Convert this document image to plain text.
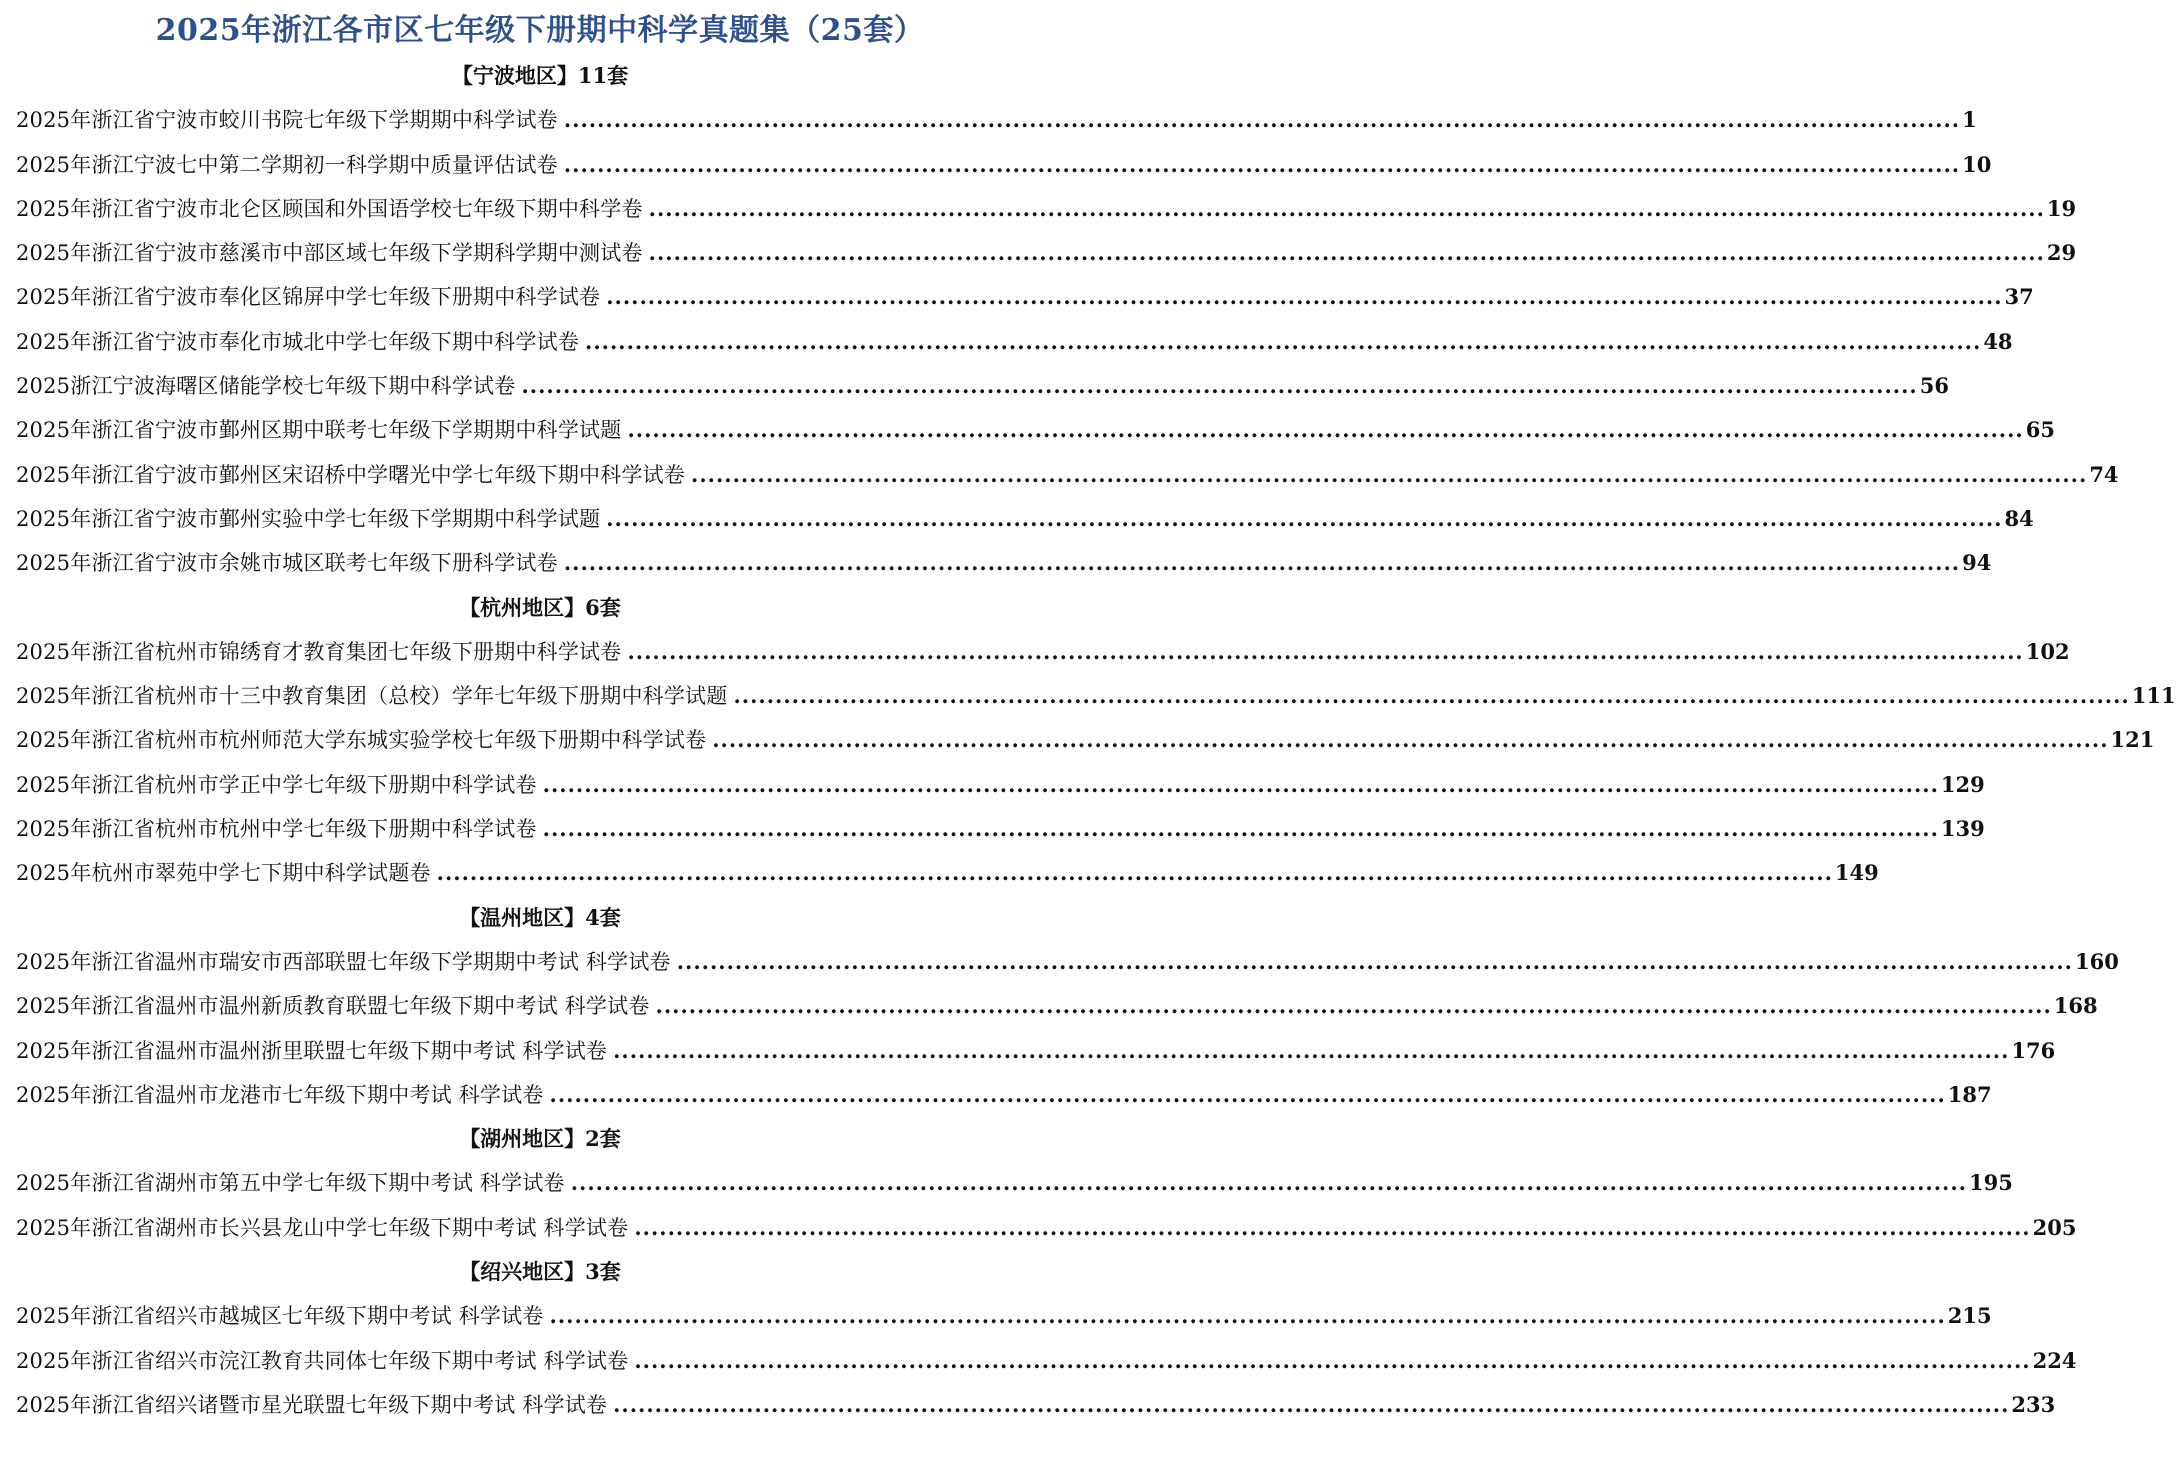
2025年浙江各市区七年级下册期中科学真题集（25套）
【宁波地区】11套
2025年浙江省宁波市蛟川书院七年级下学期期中科学试卷 ........................................................................................................................................................................ 1
2025年浙江宁波七中第二学期初一科学期中质量评估试卷 ........................................................................................................................................................................ 10
2025年浙江省宁波市北仑区顾国和外国语学校七年级下期中科学卷 ........................................................................................................................................................................ 19
2025年浙江省宁波市慈溪市中部区域七年级下学期科学期中测试卷 ........................................................................................................................................................................ 29
2025年浙江省宁波市奉化区锦屏中学七年级下册期中科学试卷 ........................................................................................................................................................................ 37
2025年浙江省宁波市奉化市城北中学七年级下期中科学试卷 ........................................................................................................................................................................ 48
2025浙江宁波海曙区储能学校七年级下期中科学试卷 ........................................................................................................................................................................ 56
2025年浙江省宁波市鄞州区期中联考七年级下学期期中科学试题 ........................................................................................................................................................................ 65
2025年浙江省宁波市鄞州区宋诏桥中学曙光中学七年级下期中科学试卷 ........................................................................................................................................................................ 74
2025年浙江省宁波市鄞州实验中学七年级下学期期中科学试题 ........................................................................................................................................................................ 84
2025年浙江省宁波市余姚市城区联考七年级下册科学试卷 ........................................................................................................................................................................ 94
【杭州地区】6套
2025年浙江省杭州市锦绣育才教育集团七年级下册期中科学试卷 ........................................................................................................................................................................ 102
2025年浙江省杭州市十三中教育集团（总校）学年七年级下册期中科学试题 ........................................................................................................................................................................ 111
2025年浙江省杭州市杭州师范大学东城实验学校七年级下册期中科学试卷 ........................................................................................................................................................................ 121
2025年浙江省杭州市学正中学七年级下册期中科学试卷 ........................................................................................................................................................................ 129
2025年浙江省杭州市杭州中学七年级下册期中科学试卷 ........................................................................................................................................................................ 139
2025年杭州市翠苑中学七下期中科学试题卷 ........................................................................................................................................................................ 149
【温州地区】4套
2025年浙江省温州市瑞安市西部联盟七年级下学期期中考试 科学试卷 ........................................................................................................................................................................ 160
2025年浙江省温州市温州新质教育联盟七年级下期中考试 科学试卷 ........................................................................................................................................................................ 168
2025年浙江省温州市温州浙里联盟七年级下期中考试 科学试卷 ........................................................................................................................................................................ 176
2025年浙江省温州市龙港市七年级下期中考试 科学试卷 ........................................................................................................................................................................ 187
【湖州地区】2套
2025年浙江省湖州市第五中学七年级下期中考试 科学试卷 ........................................................................................................................................................................ 195
2025年浙江省湖州市长兴县龙山中学七年级下期中考试 科学试卷 ........................................................................................................................................................................ 205
【绍兴地区】3套
2025年浙江省绍兴市越城区七年级下期中考试 科学试卷 ........................................................................................................................................................................ 215
2025年浙江省绍兴市浣江教育共同体七年级下期中考试 科学试卷 ........................................................................................................................................................................ 224
2025年浙江省绍兴诸暨市星光联盟七年级下期中考试 科学试卷 ........................................................................................................................................................................ 233
